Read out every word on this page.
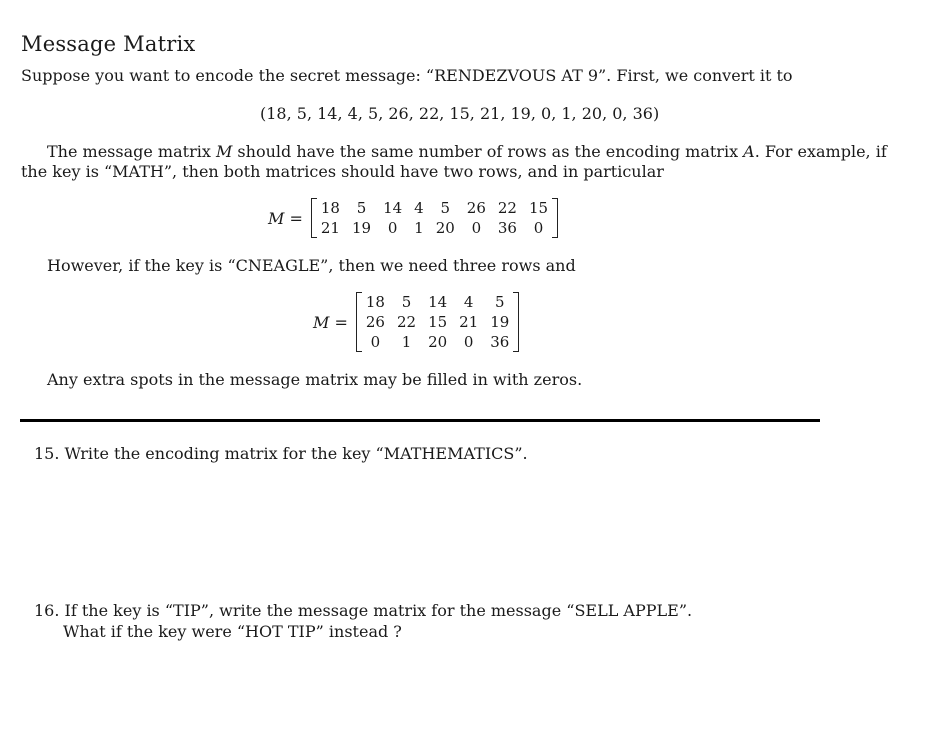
Message Matrix
Suppose you want to encode the secret message: “RENDEZVOUS AT 9”. First, we convert it to
(18, 5, 14, 4, 5, 26, 22, 15, 21, 19, 0, 1, 20, 0, 36)
The message matrix M should have the same number of rows as the encoding matrix A. For example, if
the key is “MATH”, then both matrices should have two rows, and in particular
M =
18	5	14	4	5	26	22	15
21	19	0	1	20	0	36	0
However, if the key is “CNEAGLE”, then we need three rows and
M =
18	5	14	4	5
26	22	15	21	19
0	1	20	0	36
Any extra spots in the message matrix may be filled in with zeros.
15. Write the encoding matrix for the key “MATHEMATICS”.
16. If the key is “TIP”, write the message matrix for the message “SELL APPLE”.
What if the key were “HOT TIP” instead ?
